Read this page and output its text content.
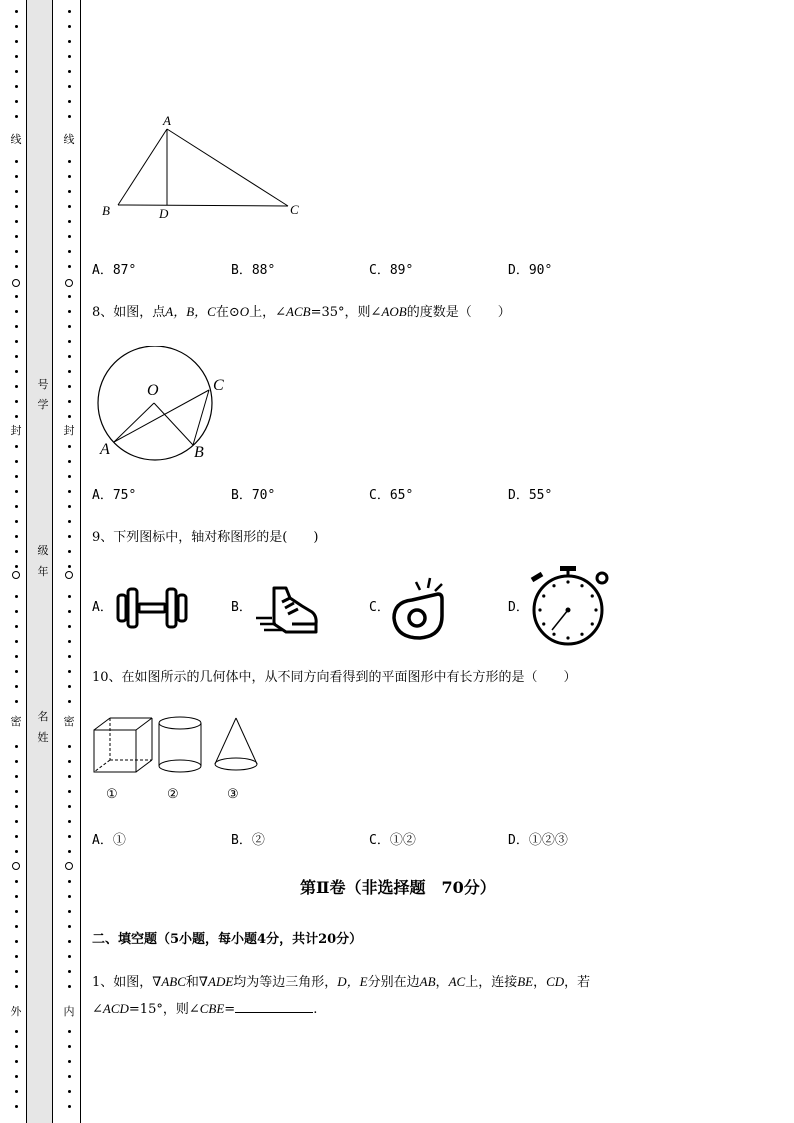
线
封
密
外
线
封
密
内
号
学
级
年
名
姓
A
B	D	C
A．87°	B．88°	C．89°	D．90°
8、如图，点A，B，C在⊙O上，∠ACB=35°，则∠AOB的度数是（　　）
O	C
A	B
A．75°	B．70°	C．65°	D．55°
9、下列图标中，轴对称图形的是(　　)
A．	B．	C．	D．
10、在如图所示的几何体中，从不同方向看得到的平面图形中有长方形的是（　　）
①	②	③
A．①	B．②	C．①②	D．①②③
第Ⅱ卷（非选择题　70分）
二、填空题（5小题，每小题4分，共计20分）
1、如图，∇ABC和∇ADE均为等边三角形，D，E分别在边AB，AC上，连接BE，CD，若
∠ACD=15°，则∠CBE=	.
